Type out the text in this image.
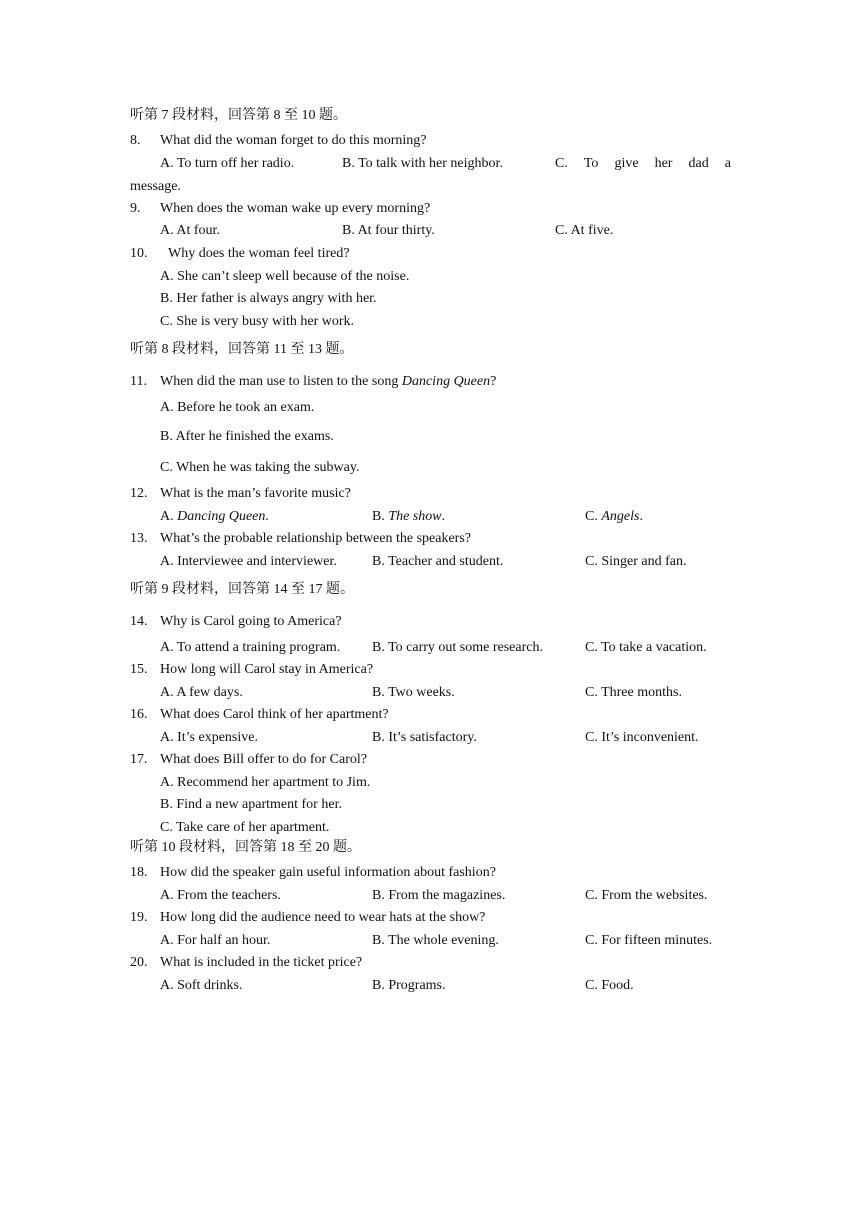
听第 7 段材料，回答第 8 至 10 题。
8. What did the woman forget to do this morning?
A. To turn off her radio.	B. To talk with her neighbor.	C. To give her dad a
message.
9. When does the woman wake up every morning?
A. At four.	B. At four thirty.	C. At five.
10. Why does the woman feel tired?
A. She can’t sleep well because of the noise.
B. Her father is always angry with her.
C. She is very busy with her work.
听第 8 段材料，回答第 11 至 13 题。
11. When did the man use to listen to the song Dancing Queen?
A. Before he took an exam.
B. After he finished the exams.
C. When he was taking the subway.
12. What is the man’s favorite music?
A. Dancing Queen.	B. The show.	C. Angels.
13. What’s the probable relationship between the speakers?
A. Interviewee and interviewer.	B. Teacher and student.	C. Singer and fan.
听第 9 段材料，回答第 14 至 17 题。
14. Why is Carol going to America?
A. To attend a training program. B. To carry out some research.	C. To take a vacation.
15. How long will Carol stay in America?
A. A few days.	B. Two weeks.	C. Three months.
16. What does Carol think of her apartment?
A. It’s expensive.	B. It’s satisfactory.	C. It’s inconvenient.
17. What does Bill offer to do for Carol?
A. Recommend her apartment to Jim.
B. Find a new apartment for her.
C. Take care of her apartment.
听第 10 段材料，回答第 18 至 20 题。
18. How did the speaker gain useful information about fashion?
A. From the teachers.	B. From the magazines.	C. From the websites.
19. How long did the audience need to wear hats at the show?
A. For half an hour.	B. The whole evening.	C. For fifteen minutes.
20. What is included in the ticket price?
A. Soft drinks.	B. Programs.	C. Food.
